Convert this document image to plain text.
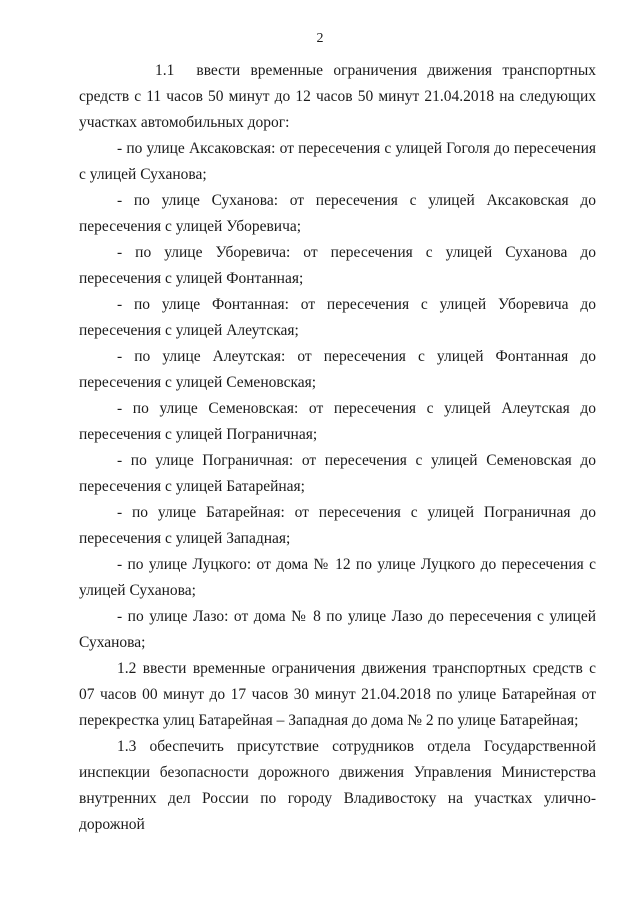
2

1.1 ввести временные ограничения движения транспортных средств с 11 часов 50 минут до 12 часов 50 минут 21.04.2018 на следующих участках автомобильных дорог:

- по улице Аксаковская: от пересечения с улицей Гоголя до пересечения с улицей Суханова;

- по улице Суханова: от пересечения с улицей Аксаковская до пересечения с улицей Уборевича;

- по улице Уборевича: от пересечения с улицей Суханова до пересечения с улицей Фонтанная;

- по улице Фонтанная: от пересечения с улицей Уборевича до пересечения с улицей Алеутская;

- по улице Алеутская: от пересечения с улицей Фонтанная до пересечения с улицей Семеновская;

- по улице Семеновская: от пересечения с улицей Алеутская до пересечения с улицей Пограничная;

- по улице Пограничная: от пересечения с улицей Семеновская до пересечения с улицей Батарейная;

- по улице Батарейная: от пересечения с улицей Пограничная до пересечения с улицей Западная;

- по улице Луцкого: от дома № 12 по улице Луцкого до пересечения с улицей Суханова;

- по улице Лазо: от дома № 8 по улице Лазо до пересечения с улицей Суханова;

1.2 ввести временные ограничения движения транспортных средств с 07 часов 00 минут до 17 часов 30 минут 21.04.2018 по улице Батарейная от перекрестка улиц Батарейная – Западная до дома № 2 по улице Батарейная;

1.3 обеспечить присутствие сотрудников отдела Государственной инспекции безопасности дорожного движения Управления Министерства внутренних дел России по городу Владивостоку на участках улично-дорожной
